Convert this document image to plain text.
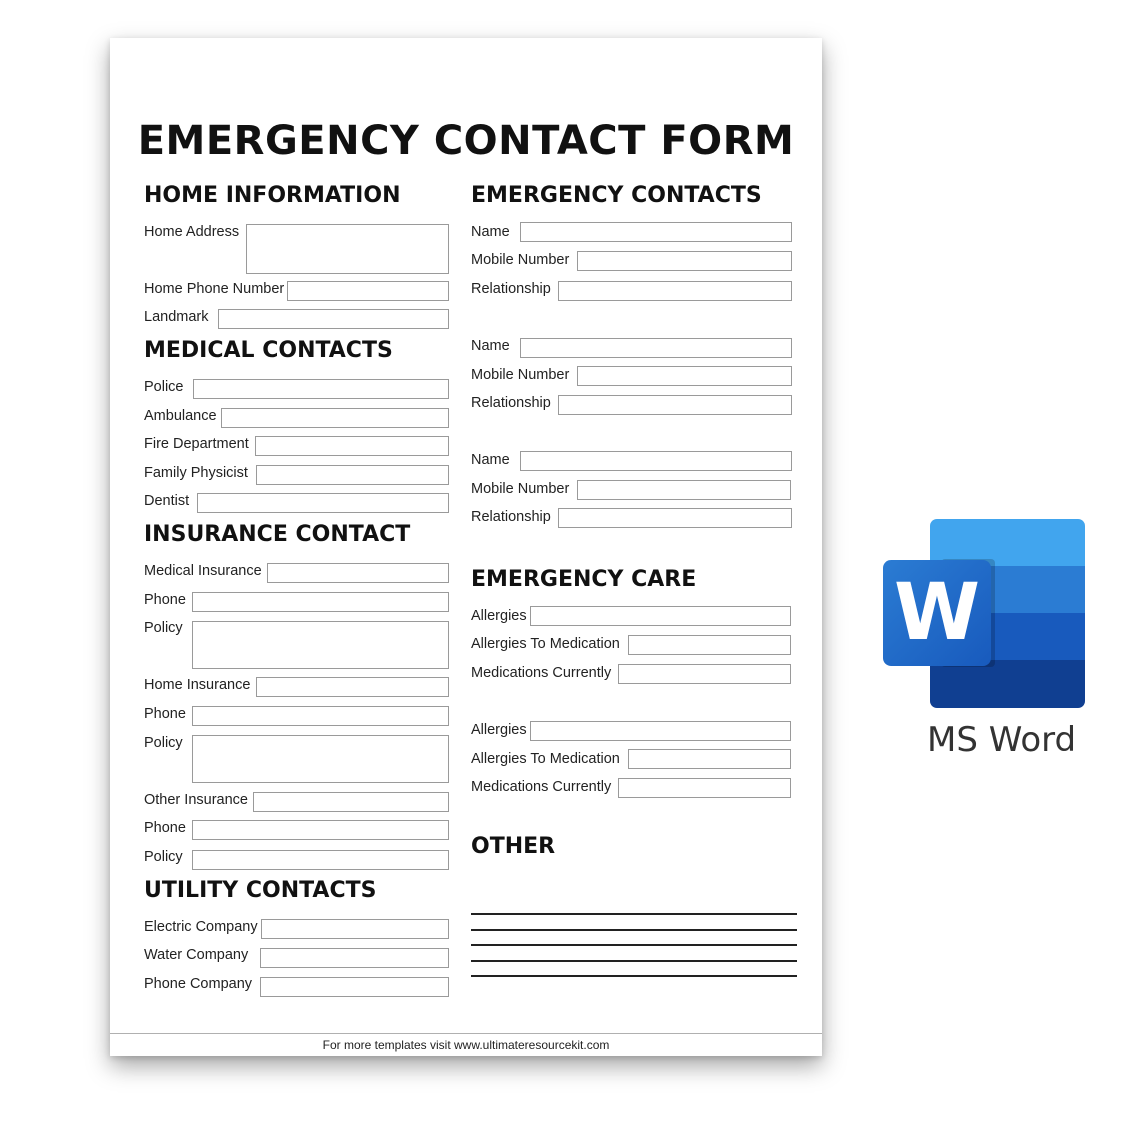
EMERGENCY CONTACT FORM
HOME INFORMATION
Home Address
Home Phone Number
Landmark
MEDICAL CONTACTS
Police
Ambulance
Fire Department
Family Physicist
Dentist
INSURANCE CONTACT
Medical Insurance
Phone
Policy
Home Insurance
Phone
Policy
Other Insurance
Phone
Policy
UTILITY CONTACTS
Electric Company
Water Company
Phone Company
EMERGENCY CONTACTS
Name
Mobile Number
Relationship
Name
Mobile Number
Relationship
Name
Mobile Number
Relationship
EMERGENCY CARE
Allergies
Allergies To Medication
Medications Currently
Allergies
Allergies To Medication
Medications Currently
OTHER
For more templates visit www.ultimateresourcekit.com
W
MS Word
